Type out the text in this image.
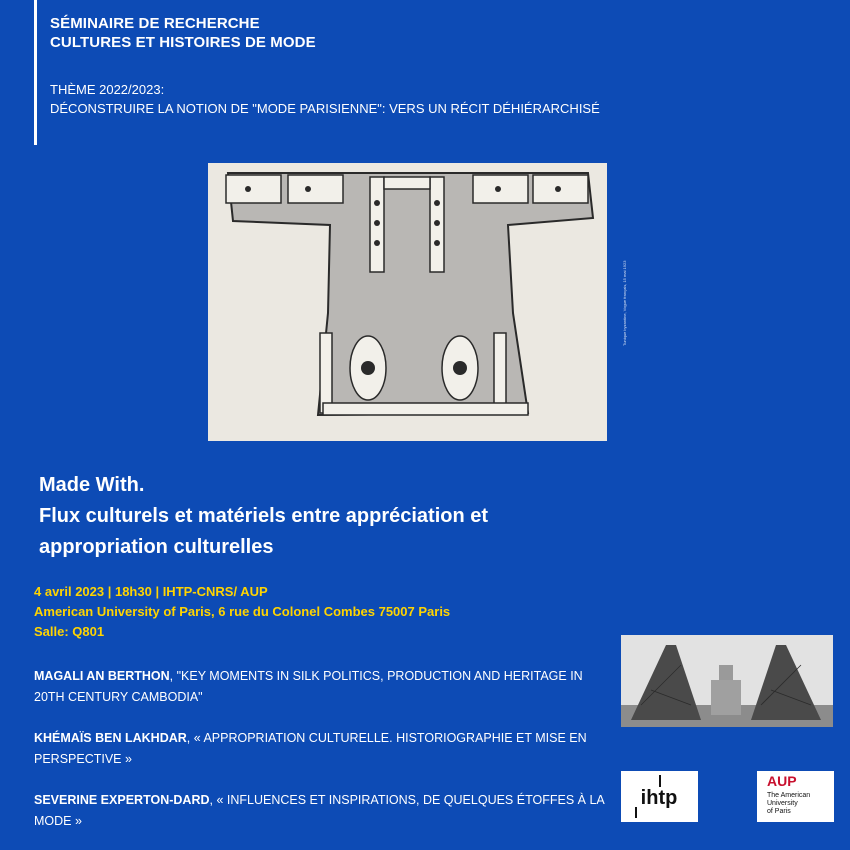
SÉMINAIRE DE RECHERCHE
CULTURES ET HISTOIRES DE MODE
THÈME 2022/2023:
DÉCONSTRUIRE LA NOTION DE "MODE PARISIENNE": VERS UN RÉCIT DÉHIÉRARCHISÉ
Tunique byzantine, Vogue français, 15 mai 1923
Made With.
Flux culturels et matériels entre appréciation et
appropriation culturelles
4 avril 2023 | 18h30 | IHTP-CNRS/ AUP
American University of Paris, 6 rue du Colonel Combes 75007 Paris
Salle: Q801
MAGALI AN BERTHON, "KEY MOMENTS IN SILK POLITICS, PRODUCTION AND HERITAGE IN 20TH CENTURY CAMBODIA"
KHÉMAÏS BEN LAKHDAR, « APPROPRIATION CULTURELLE. HISTORIOGRAPHIE ET MISE EN PERSPECTIVE »
SEVERINE EXPERTON-DARD, « INFLUENCES ET INSPIRATIONS, DE QUELQUES ÉTOFFES À LA MODE »
ihtp
AUP
The American
University
of Paris
